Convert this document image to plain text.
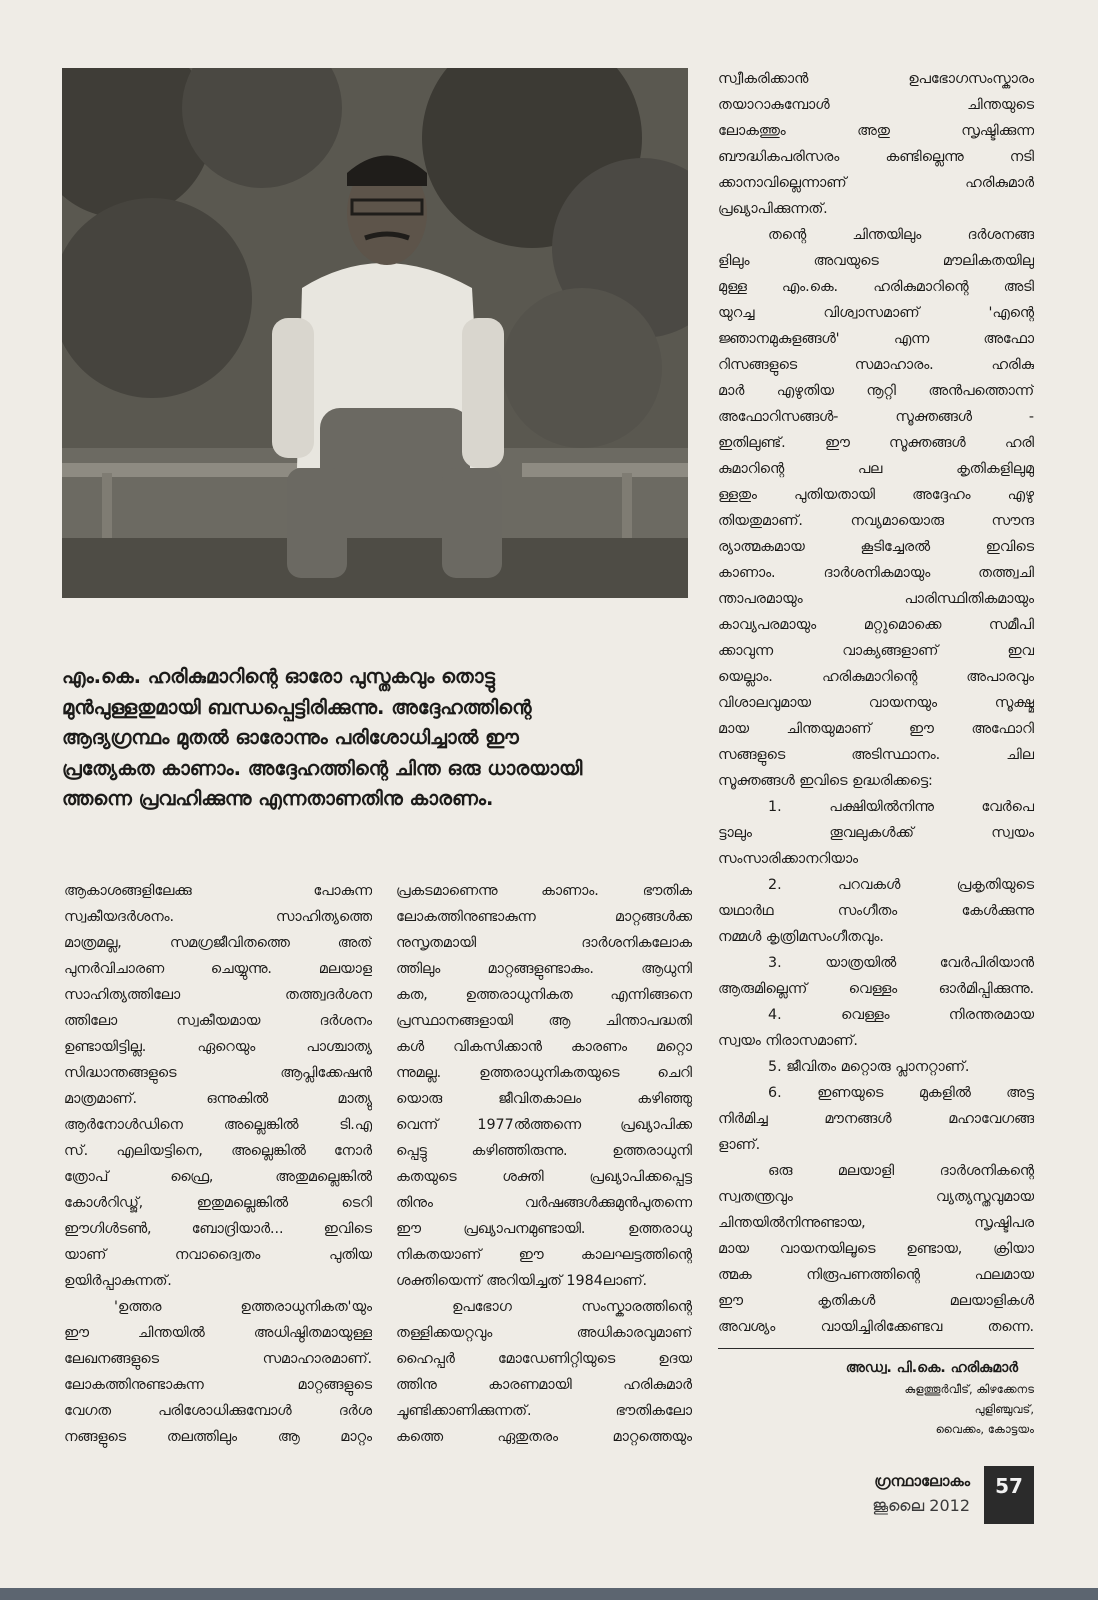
എം.കെ. ഹരികുമാറിന്റെ ഓരോ പുസ്തകവും തൊട്ടു
മുൻപുള്ളതുമായി ബന്ധപ്പെട്ടിരിക്കുന്നു. അദ്ദേഹത്തിന്റെ
ആദ്യഗ്രന്ഥം മുതൽ ഓരോന്നും പരിശോധിച്ചാൽ ഈ
പ്രത്യേകത കാണാം. അദ്ദേഹത്തിന്റെ ചിന്ത ഒരു ധാരയായി
ത്തന്നെ പ്രവഹിക്കുന്നു എന്നതാണതിനു കാരണം.
ആകാശങ്ങളിലേക്കു പോകുന്ന
സ്വകീയദർശനം. സാഹിത്യത്തെ
മാത്രമല്ല, സമഗ്രജീവിതത്തെ അത്
പുനർവിചാരണ ചെയ്യുന്നു. മലയാള
സാഹിത്യത്തിലോ തത്ത്വദർശന
ത്തിലോ സ്വകീയമായ ദർശനം
ഉണ്ടായിട്ടില്ല. ഏറെയും പാശ്ചാത്യ
സിദ്ധാന്തങ്ങളുടെ ആപ്ലിക്കേഷൻ
മാത്രമാണ്. ഒന്നുകിൽ മാത്യു
ആർനോൾഡിനെ അല്ലെങ്കിൽ ടി.എ
സ്. എലിയട്ടിനെ, അല്ലെങ്കിൽ നോർ
ത്രോപ് ഫ്രൈ, അതുമല്ലെങ്കിൽ
കോൾറിഡ്ജ്, ഇതുമല്ലെങ്കിൽ ടെറി
ഈഗിൾടൺ, ബോദ്രിയാർ... ഇവിടെ
യാണ് നവാദ്വൈതം പുതിയ
ഉയിർപ്പാകുന്നത്.
'ഉത്തര ഉത്തരാധുനികത'യും
ഈ ചിന്തയിൽ അധിഷ്ഠിതമായുള്ള
ലേഖനങ്ങളുടെ സമാഹാരമാണ്.
ലോകത്തിനുണ്ടാകുന്ന മാറ്റങ്ങളുടെ
വേഗത പരിശോധിക്കുമ്പോൾ ദർശ
നങ്ങളുടെ തലത്തിലും ആ മാറ്റം
പ്രകടമാണെന്നു കാണാം. ഭൗതിക
ലോകത്തിനുണ്ടാകുന്ന മാറ്റങ്ങൾക്ക
നുസൃതമായി ദാർശനികലോക
ത്തിലും മാറ്റങ്ങളുണ്ടാകും. ആധുനി
കത, ഉത്തരാധുനികത എന്നിങ്ങനെ
പ്രസ്ഥാനങ്ങളായി ആ ചിന്താപദ്ധതി
കൾ വികസിക്കാൻ കാരണം മറ്റൊ
ന്നുമല്ല. ഉത്തരാധുനികതയുടെ ചെറി
യൊരു ജീവിതകാലം കഴിഞ്ഞു
വെന്ന് 1977ൽത്തന്നെ പ്രഖ്യാപിക്ക
പ്പെട്ടു കഴിഞ്ഞിരുന്നു. ഉത്തരാധുനി
കതയുടെ ശക്തി പ്രഖ്യാപിക്കപ്പെട്ട
തിനും വർഷങ്ങൾക്കുമുൻപുതന്നെ
ഈ പ്രഖ്യാപനമുണ്ടായി. ഉത്തരാധു
നികതയാണ് ഈ കാലഘട്ടത്തിന്റെ
ശക്തിയെന്ന് അറിയിച്ചത് 1984ലാണ്.
ഉപഭോഗ സംസ്കാരത്തിന്റെ
തള്ളിക്കയറ്റവും അധികാരവുമാണ്
ഹൈപ്പർ മോഡേണിറ്റിയുടെ ഉദയ
ത്തിനു കാരണമായി ഹരികുമാർ
ചൂണ്ടിക്കാണിക്കുന്നത്. ഭൗതികലോ
കത്തെ ഏതുതരം മാറ്റത്തെയും
സ്വീകരിക്കാൻ ഉപഭോഗസംസ്കാരം
തയാറാകുമ്പോൾ ചിന്തയുടെ
ലോകത്തും അതു സൃഷ്ടിക്കുന്ന
ബൗദ്ധികപരിസരം കണ്ടില്ലെന്നു നടി
ക്കാനാവില്ലെന്നാണ് ഹരികുമാർ
പ്രഖ്യാപിക്കുന്നത്.
തന്റെ ചിന്തയിലും ദർശനങ്ങ
ളിലും അവയുടെ മൗലികതയിലു
മുള്ള എം.കെ. ഹരികുമാറിന്റെ അടി
യുറച്ച വിശ്വാസമാണ് 'എന്റെ
ജ്ഞാനമുകുളങ്ങൾ' എന്ന അഫോ
റിസങ്ങളുടെ സമാഹാരം. ഹരികു
മാർ എഴുതിയ നൂറ്റി അൻപത്തൊന്ന്
അഫോറിസങ്ങൾ- സൂക്തങ്ങൾ -
ഇതിലുണ്ട്. ഈ സൂക്തങ്ങൾ ഹരി
കുമാറിന്റെ പല കൃതികളിലുമു
ള്ളതും പുതിയതായി അദ്ദേഹം എഴു
തിയതുമാണ്. നവ്യമായൊരു സൗന്ദ
ര്യാത്മകമായ കൂടിച്ചേരൽ ഇവിടെ
കാണാം. ദാർശനികമായും തത്ത്വചി
ന്താപരമായും പാരിസ്ഥിതികമായും
കാവ്യപരമായും മറ്റുമൊക്കെ സമീപി
ക്കാവുന്ന വാക്യങ്ങളാണ് ഇവ
യെല്ലാം. ഹരികുമാറിന്റെ അപാരവും
വിശാലവുമായ വായനയും സൂക്ഷ്മ
മായ ചിന്തയുമാണ് ഈ അഫോറി
സങ്ങളുടെ അടിസ്ഥാനം. ചില
സൂക്തങ്ങൾ ഇവിടെ ഉദ്ധരിക്കട്ടെ:
1. പക്ഷിയിൽനിന്നു വേർപെ
ട്ടാലും തൂവലുകൾക്ക് സ്വയം
സംസാരിക്കാനറിയാം
2. പറവകൾ പ്രകൃതിയുടെ
യഥാർഥ സംഗീതം കേൾക്കുന്നു
നമ്മൾ കൃത്രിമസംഗീതവും.
3. യാത്രയിൽ വേർപിരിയാൻ
ആരുമില്ലെന്ന് വെള്ളം ഓർമിപ്പിക്കുന്നു.
4. വെള്ളം നിരന്തരമായ
സ്വയം നിരാസമാണ്.
5. ജീവിതം മറ്റൊരു പ്ലാനറ്റാണ്.
6. ഇണയുടെ മുകളിൽ അട്ട
നിർമിച്ച മൗനങ്ങൾ മഹാവേഗങ്ങ
ളാണ്.
ഒരു മലയാളി ദാർശനികന്റെ
സ്വതന്ത്രവും വ്യത്യസ്തവുമായ
ചിന്തയിൽനിന്നുണ്ടായ, സൃഷ്ടിപര
മായ വായനയിലൂടെ ഉണ്ടായ, ക്രിയാ
ത്മക നിരൂപണത്തിന്റെ ഫലമായ
ഈ കൃതികൾ മലയാളികൾ
അവശ്യം വായിച്ചിരിക്കേണ്ടവ തന്നെ.
ഗ്രന്ഥാലോകം
ജൂലൈ 2012
57
അഡ്വ. പി.കെ. ഹരികുമാർ
കുളത്തൂർവീട്, കിഴക്കേനട
പുളിഞ്ചുവട്,
വൈക്കം, കോട്ടയം
